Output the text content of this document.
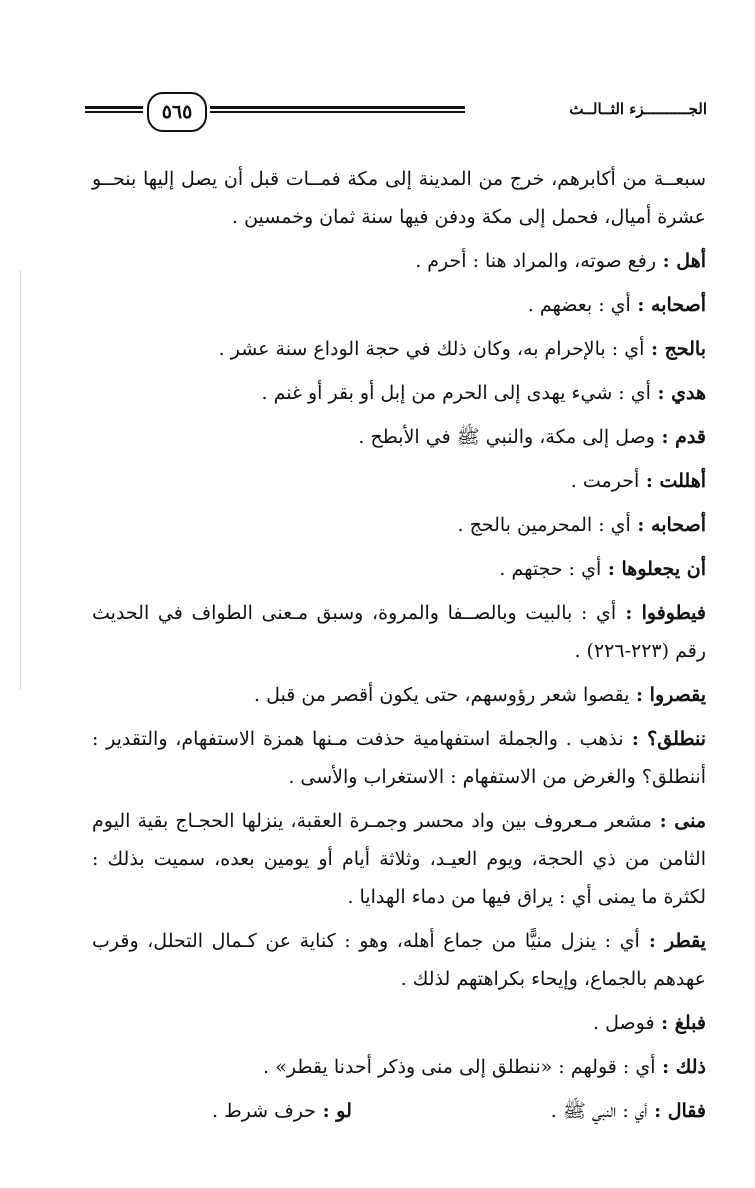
الجــــــــــزء الثــالــث
٥٦٥

سبعــة من أكابرهم، خرج من المدينة إلى مكة فمــات قبل أن يصل إليها بنحــو عشرة أميال، فحمل إلى مكة ودفن فيها سنة ثمان وخمسين .

أهل : رفع صوته، والمراد هنا : أحرم .

أصحابه : أي : بعضهم .

بالحج : أي : بالإحرام به، وكان ذلك في حجة الوداع سنة عشر .

هدي : أي : شيء يهدى إلى الحرم من إبل أو بقر أو غنم .

قدم : وصل إلى مكة، والنبي ﷺ في الأبطح .

أهللت : أحرمت .

أصحابه : أي : المحرمين بالحج .

أن يجعلوها : أي : حجتهم .

فيطوفوا : أي : بالبيت وبالصــفا والمروة، وسبق مـعنى الطواف في الحديث رقم (٢٢٣-٢٢٦) .

يقصروا : يقصوا شعر رؤوسهم، حتى يكون أقصر من قبل .

ننطلق؟ : نذهب . والجملة استفهامية حذفت مـنها همزة الاستفهام، والتقدير : أننطلق؟ والغرض من الاستفهام : الاستغراب والأسى .

منى : مشعر مـعروف بين واد محسر وجمـرة العقبة، ينزلها الحجـاج بقية اليوم الثامن من ذي الحجة، ويوم العيـد، وثلاثة أيام أو يومين بعده، سميت بذلك : لكثرة ما يمنى أي : يراق فيها من دماء الهدايا .

يقطر : أي : ينزل منيًّا من جماع أهله، وهو : كناية عن كـمال التحلل، وقرب عهدهم بالجماع، وإيحاء بكراهتهم لذلك .

فبلغ : فوصل .

ذلك : أي : قولهم : «ننطلق إلى منى وذكر أحدنا يقطر» .

فقال : أي : النبي ﷺ .
لو : حرف شرط .
